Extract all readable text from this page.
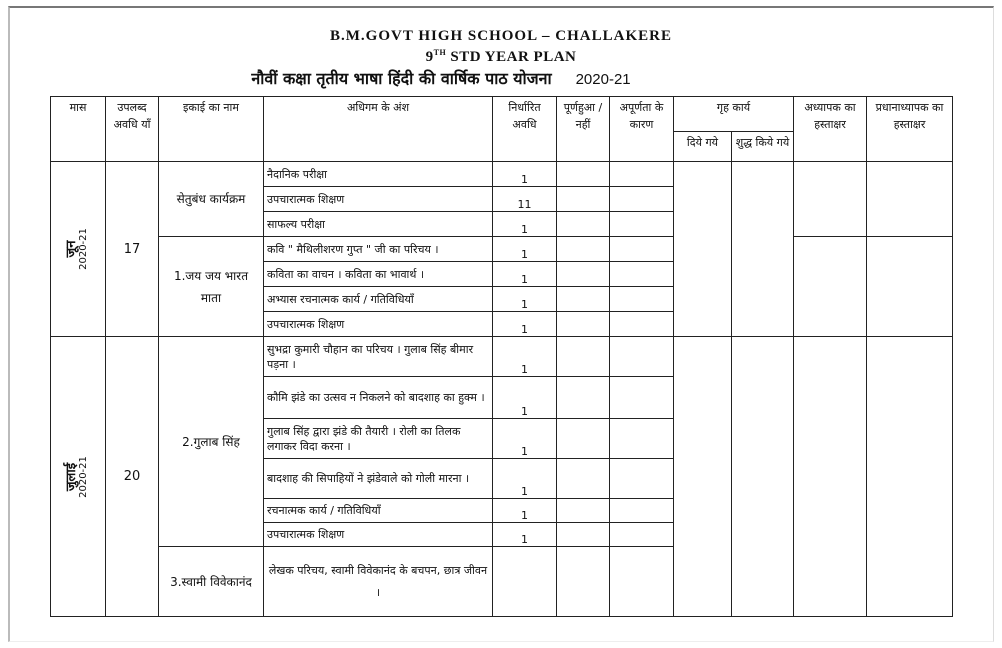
B.M.GOVT HIGH SCHOOL – CHALLAKERE
9TH STD YEAR PLAN
नौवीं कक्षा तृतीय भाषा हिंदी की वार्षिक पाठ योजना 2020-21
मास	उपलब्द अवधि याँ	इकाई का नाम	अधिगम के अंश	निर्धारित अवधि	पूर्णहुआ / नहीं	अपूर्णता के कारण	गृह कार्य		अध्यापक का हस्ताक्षर	प्रधानाध्यापक का हस्ताक्षर
							दिये गये	शुद्ध किये गये		

जून 2020-21	17	सेतुबंध कार्यक्रम	नैदानिक परीक्षा	1						
			उपचारात्मक शिक्षण	11						
			साफल्य परीक्षा	1						
		1.जय जय भारत माता	कवि " मैथिलीशरण गुप्त " जी का परिचय ।	1						
			कविता का वाचन । कविता का भावार्थ ।	1						
			अभ्यास रचनात्मक कार्य / गतिविधियाँ	1						
			उपचारात्मक शिक्षण	1						

जुलाई 2020-21	20	2.गुलाब सिंह	सुभद्रा कुमारी चौहान का परिचय । गुलाब सिंह बीमार पड़ना ।	1						
			कौमि झंडे का उत्सव न निकलने को बादशाह का हुक्म ।	1						
			गुलाब सिंह द्वारा झंडे की तैयारी । रोली का तिलक लगाकर विदा करना ।	1						
			बादशाह की सिपाहियों ने झंडेवाले को गोली मारना ।	1						
			रचनात्मक कार्य / गतिविधियाँ	1						
			उपचारात्मक शिक्षण	1						
		3.स्वामी विवेकानंद	लेखक परिचय, स्वामी विवेकानंद के बचपन, छात्र जीवन ।							
